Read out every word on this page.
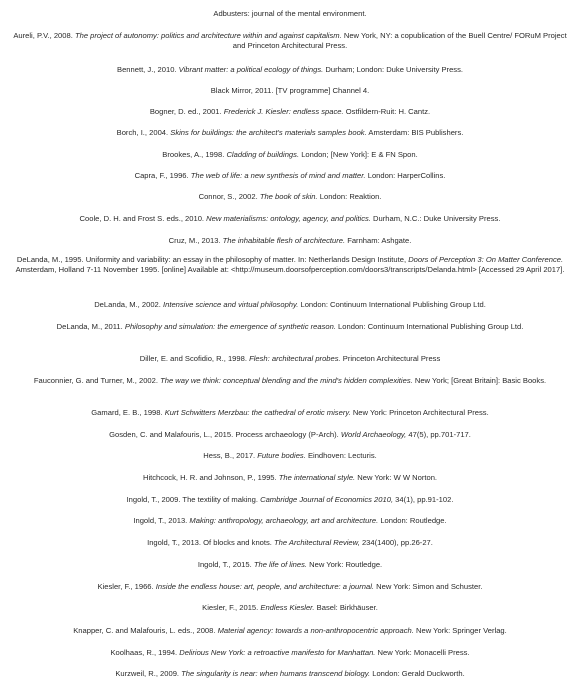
Adbusters: journal of the mental environment.
Aureli, P.V., 2008. The project of autonomy: politics and architecture within and against capitalism. New York, NY: a copublication of the Buell Centre/ FORuM Project and Princeton Architectural Press.
Bennett, J., 2010. Vibrant matter: a political ecology of things. Durham; London: Duke University Press.
Black Mirror, 2011. [TV programme] Channel 4.
Bogner, D. ed., 2001. Frederick J. Kiesler: endless space. Ostfildern-Ruit: H. Cantz.
Borch, I., 2004. Skins for buildings: the architect's materials samples book. Amsterdam: BIS Publishers.
Brookes, A., 1998. Cladding of buildings. London; [New York]: E & FN Spon.
Capra, F., 1996. The web of life: a new synthesis of mind and matter. London: HarperCollins.
Connor, S., 2002. The book of skin. London: Reaktion.
Coole, D. H. and Frost S. eds., 2010. New materialisms: ontology, agency, and politics. Durham, N.C.: Duke University Press.
Cruz, M., 2013. The inhabitable flesh of architecture. Farnham: Ashgate.
DeLanda, M., 1995. Uniformity and variability: an essay in the philosophy of matter. In: Netherlands Design Institute, Doors of Perception 3: On Matter Conference. Amsterdam, Holland 7-11 November 1995. [online] Available at: <http://museum.doorsofperception.com/doors3/transcripts/Delanda.html> [Accessed 29 April 2017].
DeLanda, M., 2002. Intensive science and virtual philosophy. London: Continuum International Publishing Group Ltd.
DeLanda, M., 2011. Philosophy and simulation: the emergence of synthetic reason. London: Continuum International Publishing Group Ltd.
Diller, E. and Scofidio, R., 1998. Flesh: architectural probes. Princeton Architectural Press
Fauconnier, G. and Turner, M., 2002. The way we think: conceptual blending and the mind's hidden complexities. New York; [Great Britain]: Basic Books.
Gamard, E. B., 1998. Kurt Schwitters Merzbau: the cathedral of erotic misery. New York: Princeton Architectural Press.
Gosden, C. and Malafouris, L., 2015. Process archaeology (P-Arch). World Archaeology, 47(5), pp.701-717.
Hess, B., 2017. Future bodies. Eindhoven: Lecturis.
Hitchcock, H. R. and Johnson, P., 1995. The international style. New York: W W Norton.
Ingold, T., 2009. The textility of making. Cambridge Journal of Economics 2010, 34(1), pp.91-102.
Ingold, T., 2013. Making: anthropology, archaeology, art and architecture. London: Routledge.
Ingold, T., 2013. Of blocks and knots. The Architectural Review, 234(1400), pp.26-27.
Ingold, T., 2015. The life of lines. New York: Routledge.
Kiesler, F., 1966. Inside the endless house: art, people, and architecture: a journal. New York: Simon and Schuster.
Kiesler, F., 2015. Endless Kiesler. Basel: Birkhäuser.
Knapper, C. and Malafouris, L. eds., 2008. Material agency: towards a non-anthropocentric approach. New York: Springer Verlag.
Koolhaas, R., 1994. Delirious New York: a retroactive manifesto for Manhattan. New York: Monacelli Press.
Kurzweil, R., 2009. The singularity is near: when humans transcend biology. London: Gerald Duckworth.
